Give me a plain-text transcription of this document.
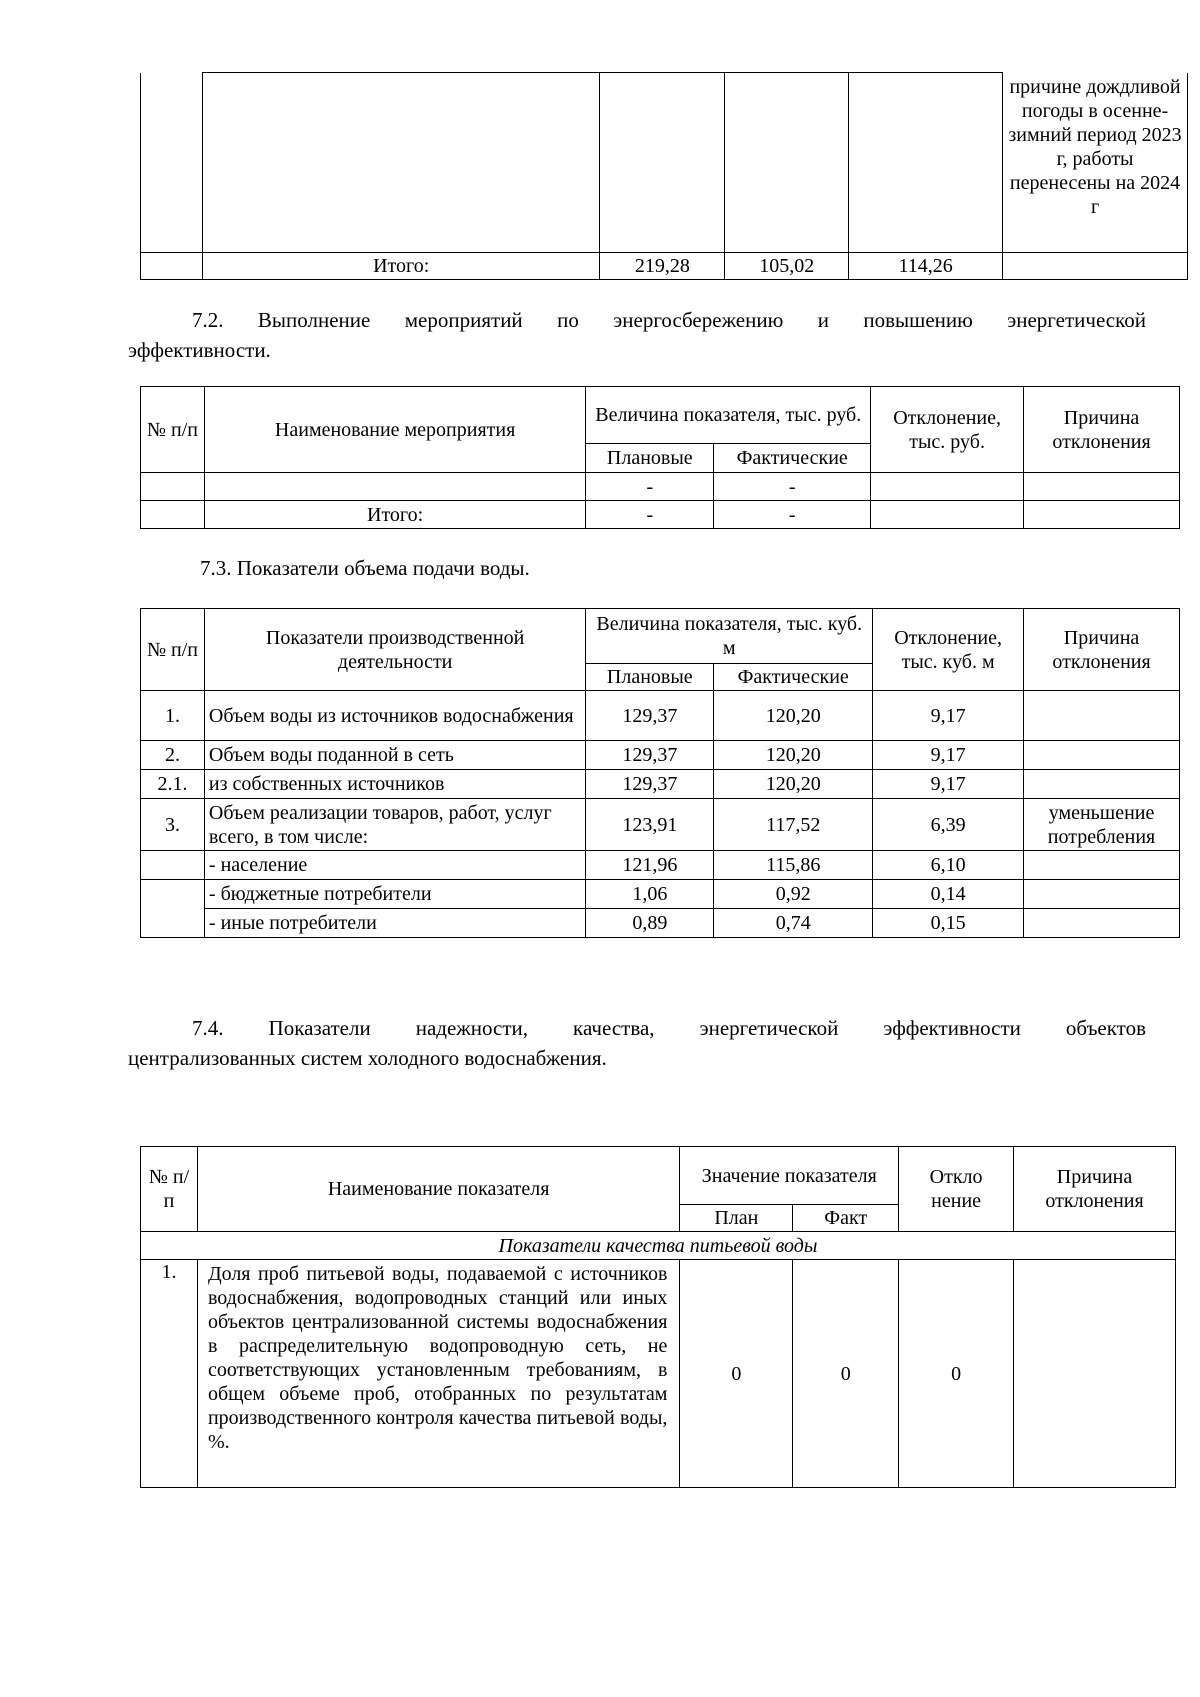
					причине дождливой погоды в осенне-зимний период 2023 г, работы перенесены на 2024 г
	Итого:	219,28	105,02	114,26	
7.2. Выполнение мероприятий по энергосбережению и повышению энергетической
эффективности.
№ п/п	Наименование мероприятия	Величина показателя, тыс. руб.		Отклонение, тыс. руб.	Причина отклонения
		Плановые	Фактические		
		-	-		
	Итого:	-	-		
7.3. Показатели объема подачи воды.
№ п/п	Показатели производственной деятельности	Величина показателя, тыс. куб. м		Отклонение, тыс. куб. м	Причина отклонения
		Плановые	Фактические		
1.	Объем воды из источников водоснабжения	129,37	120,20	9,17	
2.	Объем воды поданной в сеть	129,37	120,20	9,17	
2.1.	из собственных источников	129,37	120,20	9,17	
3.	Объем реализации товаров, работ, услуг всего, в том числе:	123,91	117,52	6,39	уменьшение потребления
	- население	121,96	115,86	6,10	
	- бюджетные потребители	1,06	0,92	0,14	
	- иные потребители	0,89	0,74	0,15	
7.4. Показатели надежности, качества, энергетической эффективности объектов
централизованных систем холодного водоснабжения.
№ п/п	Наименование показателя	Значение показателя		Откло нение	Причина отклонения
		План	Факт		
Показатели качества питьевой воды					
1.	Доля проб питьевой воды, подаваемой с источников водоснабжения, водопроводных станций или иных объектов централизованной системы водоснабжения в распределительную водопроводную сеть, не соответствующих установленным требованиям, в общем объеме проб, отобранных по результатам производственного контроля качества питьевой воды, %.	0	0	0	
